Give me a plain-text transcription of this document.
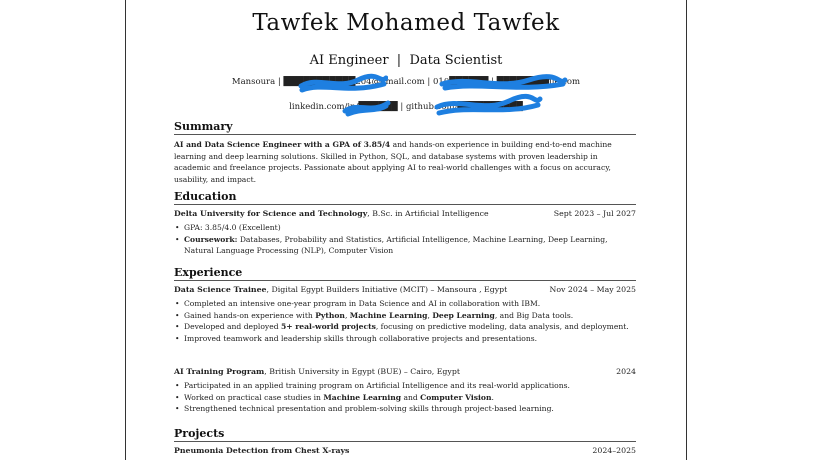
Tawfek Mohamed Tawfek
AI Engineer  |  Data Scientist
Mansoura | ███████████204@gmail.com | 010██████ | ████████ile.com
linkedin.com/in/██████ | github.com/██████████
Summary
AI and Data Science Engineer with a GPA of 3.85/4 and hands-on experience in building end-to-end machine learning and deep learning solutions. Skilled in Python, SQL, and database systems with proven leadership in academic and freelance projects. Passionate about applying AI to real-world challenges with a focus on accuracy, usability, and impact.
Education
Delta University for Science and Technology, B.Sc. in Artificial Intelligence	Sept 2023 – Jul 2027
• GPA: 3.85/4.0 (Excellent)
• Coursework: Databases, Probability and Statistics, Artificial Intelligence, Machine Learning, Deep Learning, Natural Language Processing (NLP), Computer Vision
Experience
Data Science Trainee, Digital Egypt Builders Initiative (MCIT) – Mansoura , Egypt	Nov 2024 – May 2025
• Completed an intensive one-year program in Data Science and AI in collaboration with IBM.
• Gained hands-on experience with Python, Machine Learning, Deep Learning, and Big Data tools.
• Developed and deployed 5+ real-world projects, focusing on predictive modeling, data analysis, and deployment.
• Improved teamwork and leadership skills through collaborative projects and presentations.
AI Training Program, British University in Egypt (BUE) – Cairo, Egypt	2024
• Participated in an applied training program on Artificial Intelligence and its real-world applications.
• Worked on practical case studies in Machine Learning and Computer Vision.
• Strengthened technical presentation and problem-solving skills through project-based learning.
Projects
Pneumonia Detection from Chest X-rays	2024–2025
